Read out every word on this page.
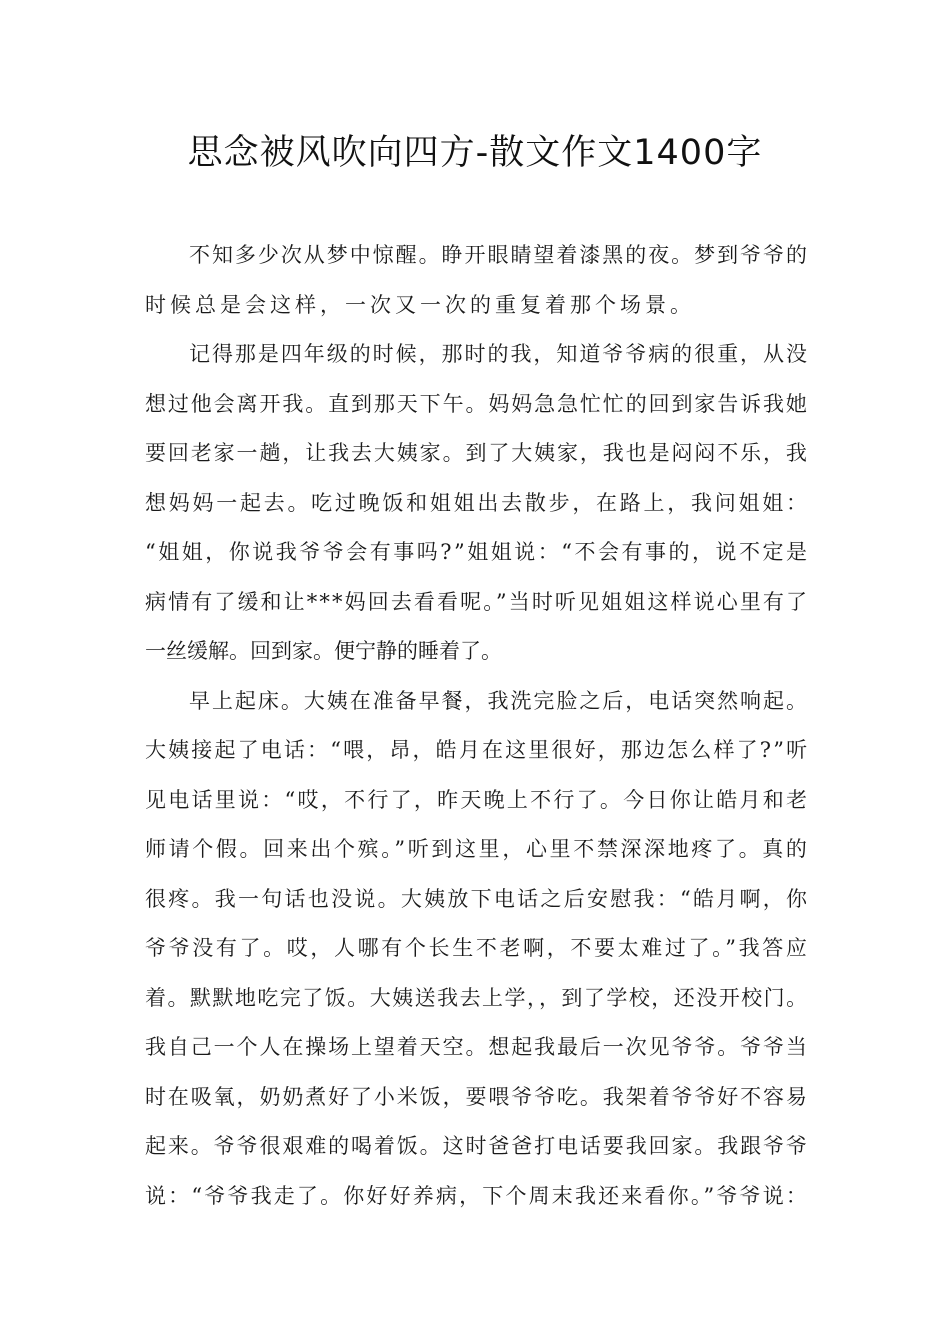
思念被风吹向四方-散文作文1400字
不知多少次从梦中惊醒。睁开眼睛望着漆黑的夜。梦到爷爷的
时候总是会这样，一次又一次的重复着那个场景。
记得那是四年级的时候，那时的我，知道爷爷病的很重，从没
想过他会离开我。直到那天下午。妈妈急急忙忙的回到家告诉我她
要回老家一趟，让我去大姨家。到了大姨家，我也是闷闷不乐，我
想妈妈一起去。吃过晚饭和姐姐出去散步，在路上，我问姐姐：
“姐姐，你说我爷爷会有事吗?”姐姐说：“不会有事的，说不定是
病情有了缓和让***妈回去看看呢。”当时听见姐姐这样说心里有了
一丝缓解。回到家。便宁静的睡着了。
早上起床。大姨在准备早餐，我洗完脸之后，电话突然响起。
大姨接起了电话：“喂，昂，皓月在这里很好，那边怎么样了?”听
见电话里说：“哎，不行了，昨天晚上不行了。今日你让皓月和老
师请个假。回来出个殡。”听到这里，心里不禁深深地疼了。真的
很疼。我一句话也没说。大姨放下电话之后安慰我：“皓月啊，你
爷爷没有了。哎，人哪有个长生不老啊，不要太难过了。”我答应
着。默默地吃完了饭。大姨送我去上学，，到了学校，还没开校门。
我自己一个人在操场上望着天空。想起我最后一次见爷爷。爷爷当
时在吸氧，奶奶煮好了小米饭，要喂爷爷吃。我架着爷爷好不容易
起来。爷爷很艰难的喝着饭。这时爸爸打电话要我回家。我跟爷爷
说：“爷爷我走了。你好好养病，下个周末我还来看你。”爷爷说：
